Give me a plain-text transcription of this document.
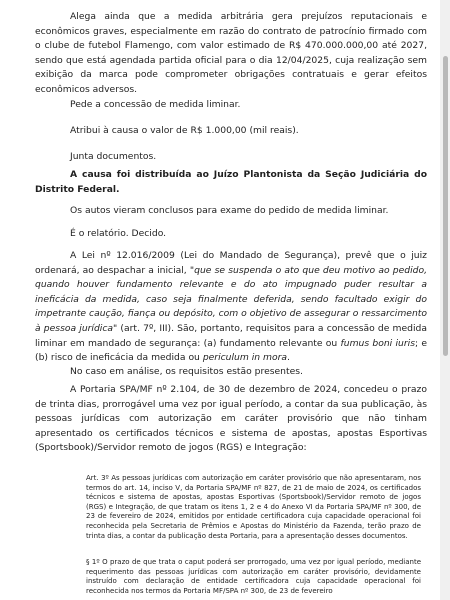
Alega ainda que a medida arbitrária gera prejuízos reputacionais e econômicos graves, especialmente em razão do contrato de patrocínio firmado com o clube de futebol Flamengo, com valor estimado de R$ 470.000.000,00 até 2027, sendo que está agendada partida oficial para o dia 12/04/2025, cuja realização sem exibição da marca pode comprometer obrigações contratuais e gerar efeitos econômicos adversos.

Pede a concessão de medida liminar.

Atribui à causa o valor de R$ 1.000,00 (mil reais).

Junta documentos.

A causa foi distribuída ao Juízo Plantonista da Seção Judiciária do Distrito Federal.

Os autos vieram conclusos para exame do pedido de medida liminar.

É o relatório. Decido.

A Lei nº 12.016/2009 (Lei do Mandado de Segurança), prevê que o juiz ordenará, ao despachar a inicial, "que se suspenda o ato que deu motivo ao pedido, quando houver fundamento relevante e do ato impugnado puder resultar a ineficácia da medida, caso seja finalmente deferida, sendo facultado exigir do impetrante caução, fiança ou depósito, com o objetivo de assegurar o ressarcimento à pessoa jurídica" (art. 7º, III). São, portanto, requisitos para a concessão de medida liminar em mandado de segurança: (a) fundamento relevante ou fumus boni iuris; e (b) risco de ineficácia da medida ou periculum in mora.

No caso em análise, os requisitos estão presentes.

A Portaria SPA/MF nº 2.104, de 30 de dezembro de 2024, concedeu o prazo de trinta dias, prorrogável uma vez por igual período, a contar da sua publicação, às pessoas jurídicas com autorização em caráter provisório que não tinham apresentado os certificados técnicos e sistema de apostas, apostas Esportivas (Sportsbook)/Servidor remoto de jogos (RGS) e Integração:

Art. 3º As pessoas jurídicas com autorização em caráter provisório que não apresentaram, nos termos do art. 14, inciso V, da Portaria SPA/MF nº 827, de 21 de maio de 2024, os certificados técnicos e sistema de apostas, apostas Esportivas (Sportsbook)/Servidor remoto de jogos (RGS) e Integração, de que tratam os itens 1, 2 e 4 do Anexo VI da Portaria SPA/MF nº 300, de 23 de fevereiro de 2024, emitidos por entidade certificadora cuja capacidade operacional foi reconhecida pela Secretaria de Prêmios e Apostas do Ministério da Fazenda, terão prazo de trinta dias, a contar da publicação desta Portaria, para a apresentação desses documentos.

§ 1º O prazo de que trata o caput poderá ser prorrogado, uma vez por igual período, mediante requerimento das pessoas jurídicas com autorização em caráter provisório, devidamente instruído com declaração de entidade certificadora cuja capacidade operacional foi reconhecida nos termos da Portaria MF/SPA nº 300, de 23 de fevereiro
